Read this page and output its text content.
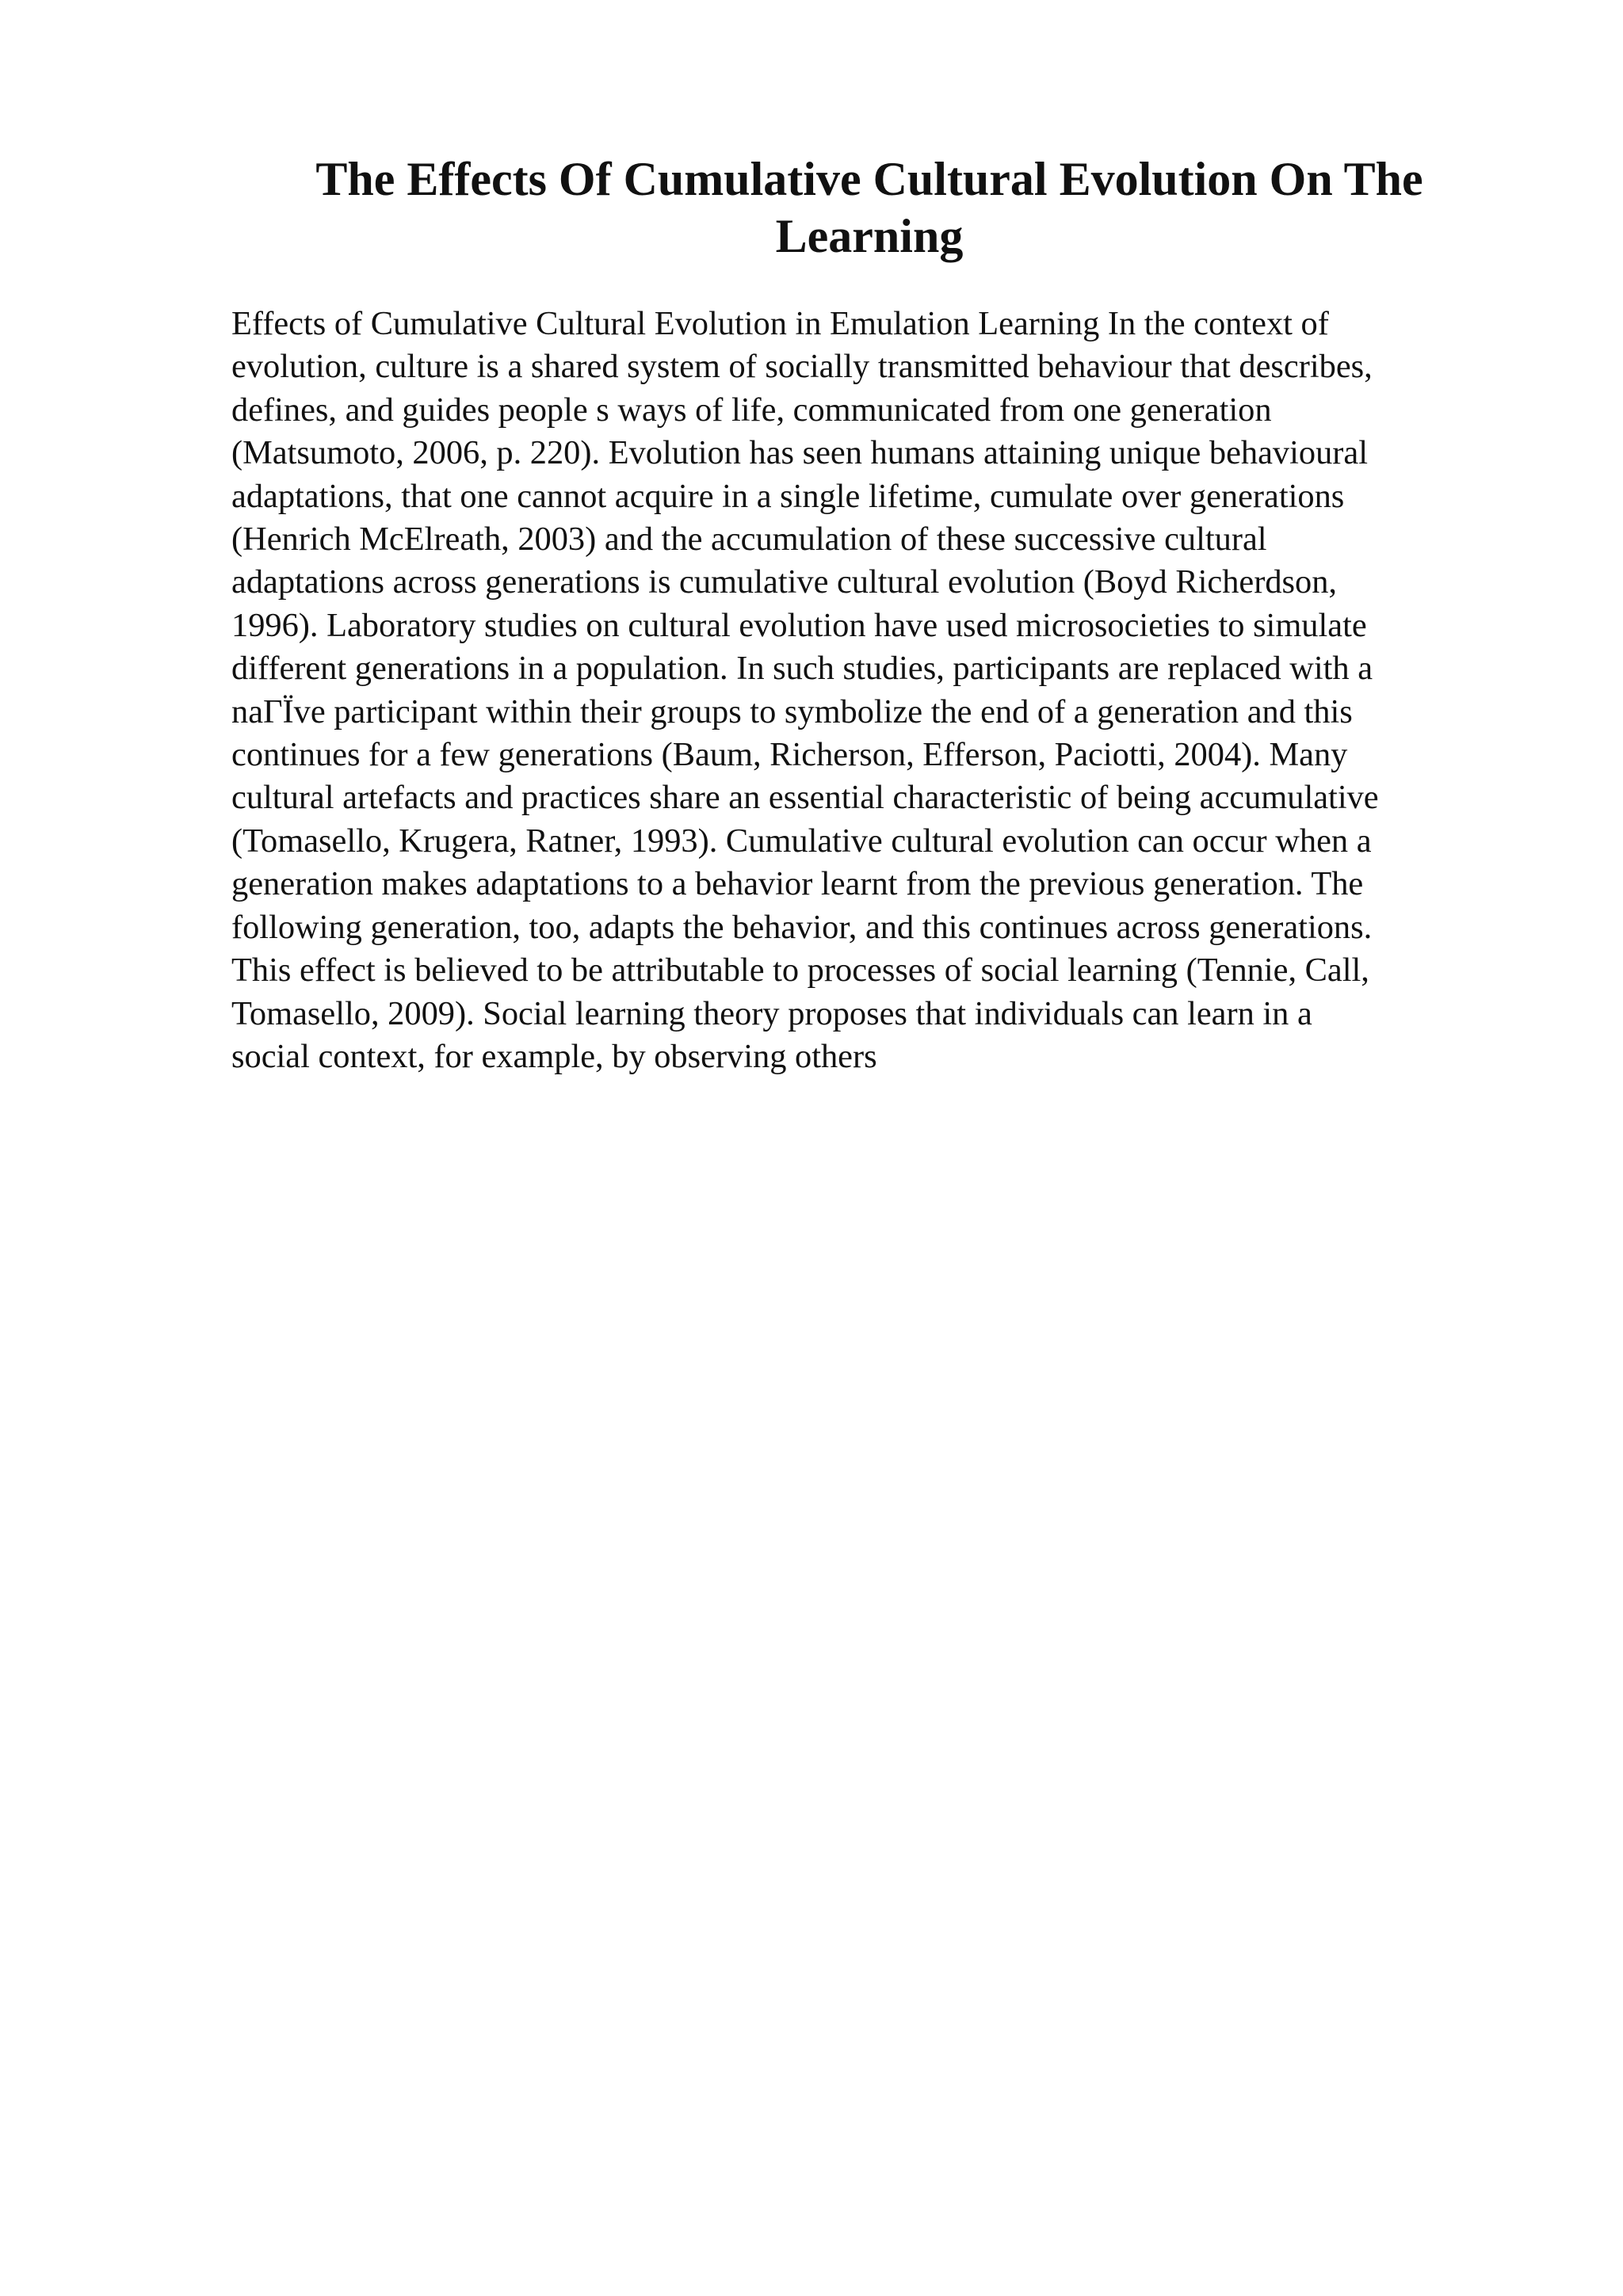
The Effects Of Cumulative Cultural Evolution On The
Learning
Effects of Cumulative Cultural Evolution in Emulation Learning In the context of
evolution, culture is a shared system of socially transmitted behaviour that describes,
defines, and guides people s ways of life, communicated from one generation
(Matsumoto, 2006, p. 220). Evolution has seen humans attaining unique behavioural
adaptations, that one cannot acquire in a single lifetime, cumulate over generations
(Henrich McElreath, 2003) and the accumulation of these successive cultural
adaptations across generations is cumulative cultural evolution (Boyd Richerdson,
1996). Laboratory studies on cultural evolution have used microsocieties to simulate
different generations in a population. In such studies, participants are replaced with a
naΓÏve participant within their groups to symbolize the end of a generation and this
continues for a few generations (Baum, Richerson, Efferson, Paciotti, 2004). Many
cultural artefacts and practices share an essential characteristic of being accumulative
(Tomasello, Krugera, Ratner, 1993). Cumulative cultural evolution can occur when a
generation makes adaptations to a behavior learnt from the previous generation. The
following generation, too, adapts the behavior, and this continues across generations.
This effect is believed to be attributable to processes of social learning (Tennie, Call,
Tomasello, 2009). Social learning theory proposes that individuals can learn in a
social context, for example, by observing others
